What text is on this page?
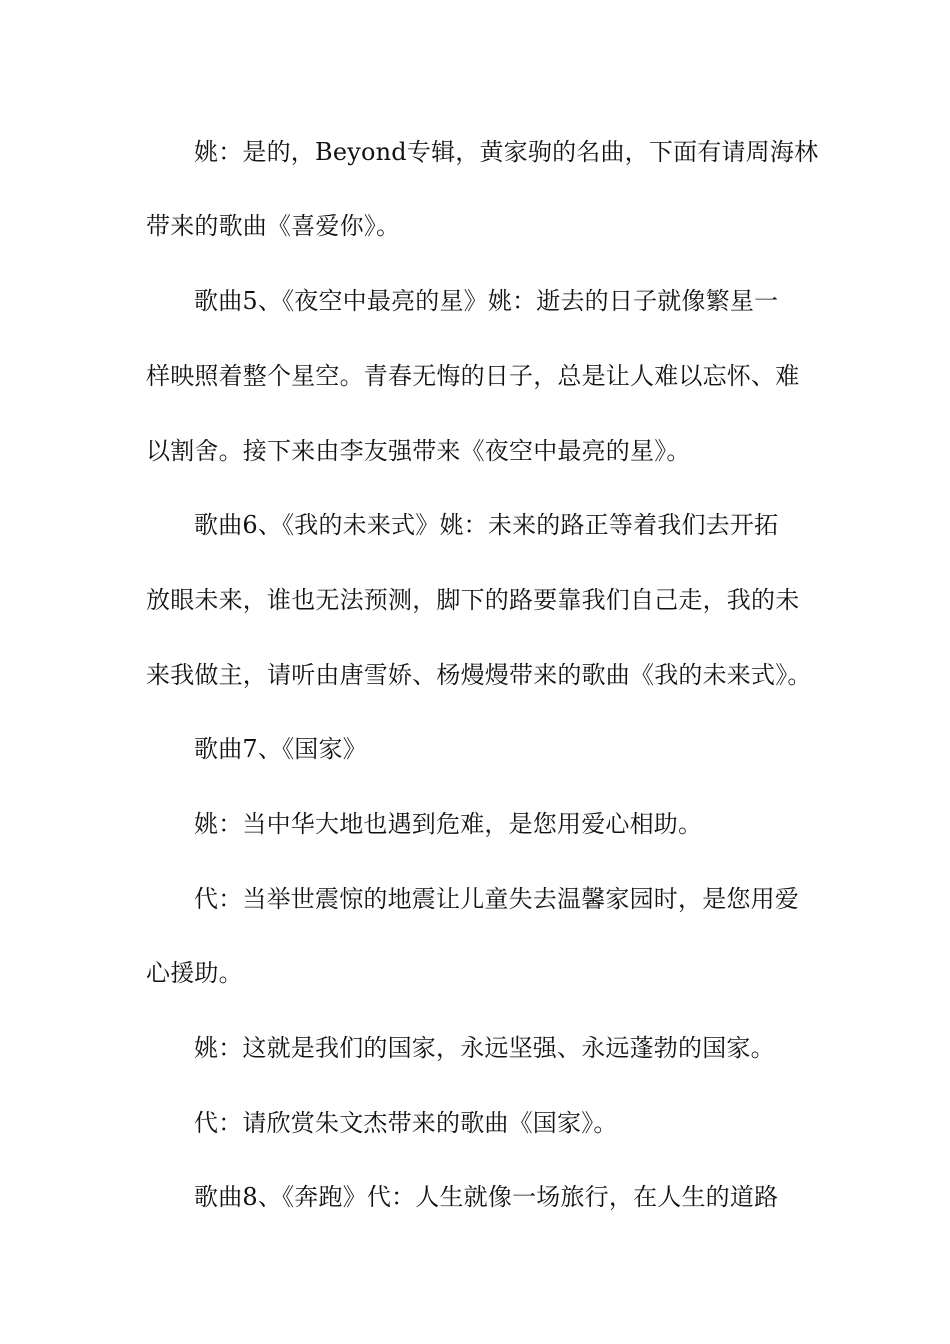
姚：是的，Beyond专辑，黄家驹的名曲，下面有请周海林
带来的歌曲《喜爱你》。
歌曲5、《夜空中最亮的星》姚：逝去的日子就像繁星一
样映照着整个星空。青春无悔的日子，总是让人难以忘怀、难
以割舍。接下来由李友强带来《夜空中最亮的星》。
歌曲6、《我的未来式》姚：未来的路正等着我们去开拓
放眼未来，谁也无法预测，脚下的路要靠我们自己走，我的未
来我做主，请听由唐雪娇、杨熳熳带来的歌曲《我的未来式》。
歌曲7、《国家》
姚：当中华大地也遇到危难，是您用爱心相助。
代：当举世震惊的地震让儿童失去温馨家园时，是您用爱
心援助。
姚：这就是我们的国家，永远坚强、永远蓬勃的国家。
代：请欣赏朱文杰带来的歌曲《国家》。
歌曲8、《奔跑》代：人生就像一场旅行，在人生的道路
